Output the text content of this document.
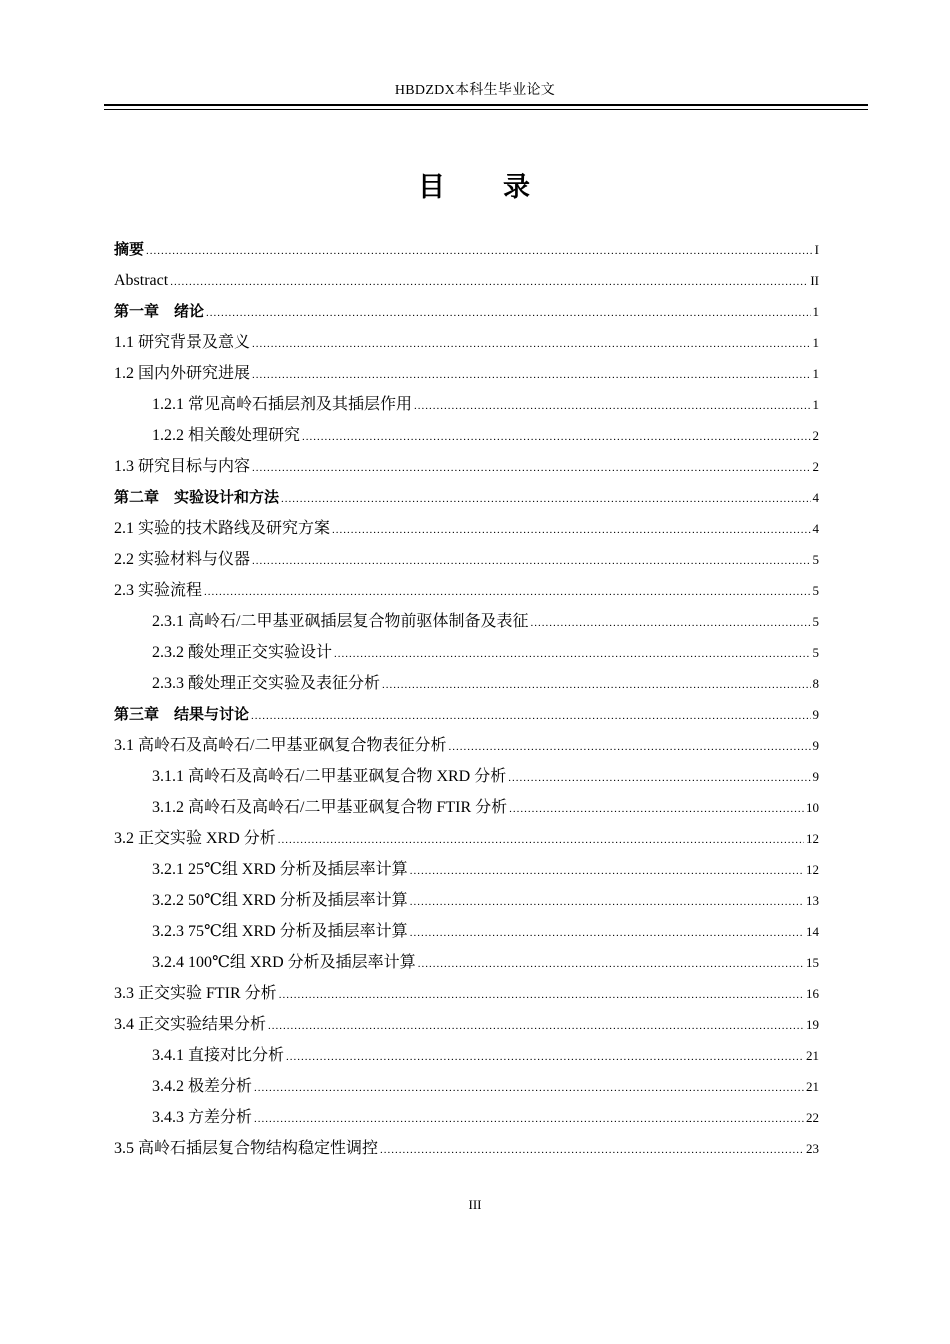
HBDZDX本科生毕业论文
目 录
摘要 .....	I
Abstract .....	II
第一章　绪论 .....	1
1.1 研究背景及意义 .....	1
1.2 国内外研究进展 .....	1
1.2.1 常见高岭石插层剂及其插层作用 .....	1
1.2.2 相关酸处理研究 .....	2
1.3 研究目标与内容 .....	2
第二章　实验设计和方法 .....	4
2.1 实验的技术路线及研究方案 .....	4
2.2 实验材料与仪器 .....	5
2.3 实验流程 .....	5
2.3.1 高岭石/二甲基亚砜插层复合物前驱体制备及表征 .....	5
2.3.2 酸处理正交实验设计 .....	5
2.3.3 酸处理正交实验及表征分析 .....	8
第三章　结果与讨论 .....	9
3.1 高岭石及高岭石/二甲基亚砜复合物表征分析 .....	9
3.1.1 高岭石及高岭石/二甲基亚砜复合物 XRD 分析 .....	9
3.1.2 高岭石及高岭石/二甲基亚砜复合物 FTIR 分析 .....	10
3.2 正交实验 XRD 分析 .....	12
3.2.1 25℃组 XRD 分析及插层率计算 .....	12
3.2.2 50℃组 XRD 分析及插层率计算 .....	13
3.2.3 75℃组 XRD 分析及插层率计算 .....	14
3.2.4 100℃组 XRD 分析及插层率计算 .....	15
3.3 正交实验 FTIR 分析 .....	16
3.4 正交实验结果分析 .....	19
3.4.1 直接对比分析 .....	21
3.4.2 极差分析 .....	21
3.4.3 方差分析 .....	22
3.5 高岭石插层复合物结构稳定性调控 .....	23
III
